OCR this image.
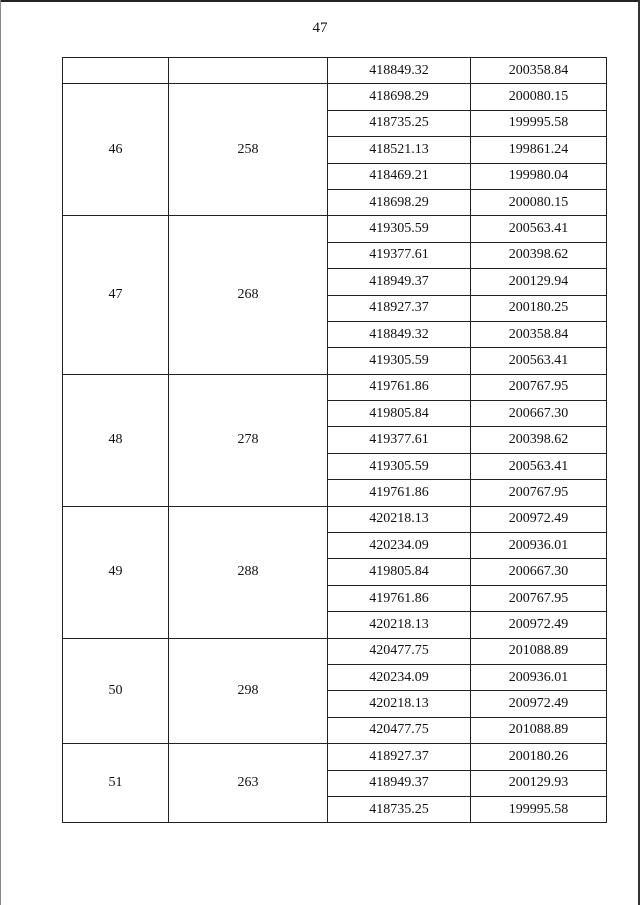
47
		418849.32	200358.84
46	258	418698.29	200080.15
		418735.25	199995.58
		418521.13	199861.24
		418469.21	199980.04
		418698.29	200080.15
47	268	419305.59	200563.41
		419377.61	200398.62
		418949.37	200129.94
		418927.37	200180.25
		418849.32	200358.84
		419305.59	200563.41
48	278	419761.86	200767.95
		419805.84	200667.30
		419377.61	200398.62
		419305.59	200563.41
		419761.86	200767.95
49	288	420218.13	200972.49
		420234.09	200936.01
		419805.84	200667.30
		419761.86	200767.95
		420218.13	200972.49
50	298	420477.75	201088.89
		420234.09	200936.01
		420218.13	200972.49
		420477.75	201088.89
51	263	418927.37	200180.26
		418949.37	200129.93
		418735.25	199995.58
